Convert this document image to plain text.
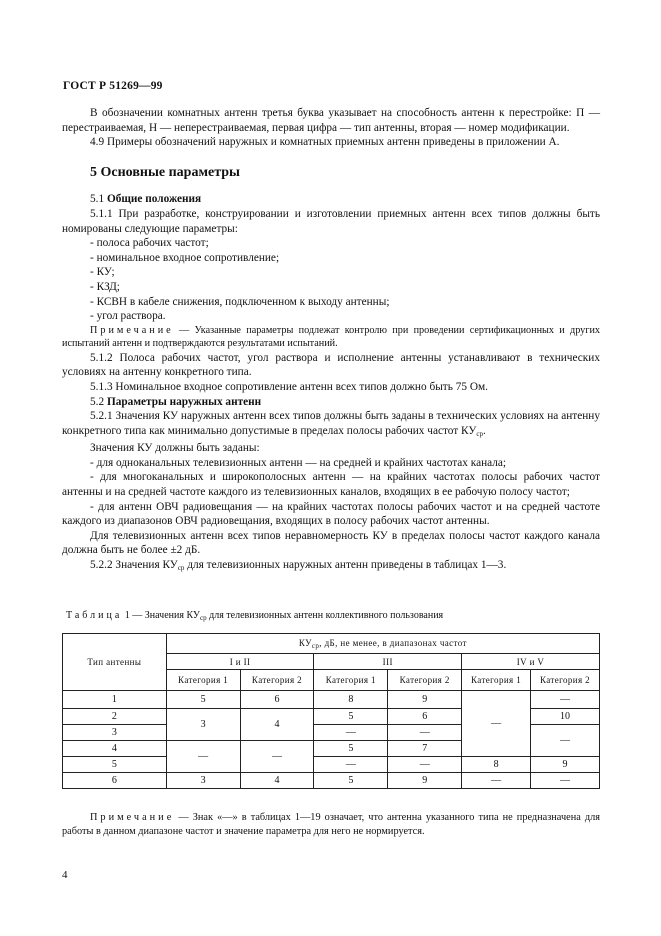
ГОСТ Р 51269—99

В обозначении комнатных антенн третья буква указывает на способность антенн к перестройке: П — перестраиваемая, Н — неперестраиваемая, первая цифра — тип антенны, вторая — номер модификации.

4.9 Примеры обозначений наружных и комнатных приемных антенн приведены в приложении А.

5 Основные параметры

5.1 Общие положения

5.1.1 При разработке, конструировании и изготовлении приемных антенн всех типов должны быть номированы следующие параметры:

- полоса рабочих частот;

- номинальное входное сопротивление;

- КУ;

- КЗД;

- КСВН в кабеле снижения, подключенном к выходу антенны;

- угол раствора.

Примечание — Указанные параметры подлежат контролю при проведении сертификационных и других испытаний антенн и подтверждаются результатами испытаний.

5.1.2 Полоса рабочих частот, угол раствора и исполнение антенны устанавливают в технических условиях на антенну конкретного типа.

5.1.3 Номинальное входное сопротивление антенн всех типов должно быть 75 Ом.

5.2 Параметры наружных антенн

5.2.1 Значения КУ наружных антенн всех типов должны быть заданы в технических условиях на антенну конкретного типа как минимально допустимые в пределах полосы рабочих частот $КУ_{ср}$.

Значения КУ должны быть заданы:

- для одноканальных телевизионных антенн — на средней и крайних частотах канала;

- для многоканальных и широкополосных антенн — на крайних частотах полосы рабочих частот антенны и на средней частоте каждого из телевизионных каналов, входящих в ее рабочую полосу частот;

- для антенн ОВЧ радиовещания — на крайних частотах полосы рабочих частот и на средней частоте каждого из диапазонов ОВЧ радиовещания, входящих в полосу рабочих частот антенны.

Для телевизионных антенн всех типов неравномерность КУ в пределах полосы частот каждого канала должна быть не более ±2 дБ.

5.2.2 Значения $КУ_{ср}$ для телевизионных наружных антенн приведены в таблицах 1—3.

Таблица 1 — Значения $КУ_{ср}$ для телевизионных антенн коллективного пользования
Тип антенны	$КУ_{ср}$, дБ, не менее, в диапазонах частот					
	I и II		III		IV и V	
	Категория 1	Категория 2	Категория 1	Категория 2	Категория 1	Категория 2
1	5	6	8	9	—	—
2	3	4	5	6		10
3			—	—		—
4	—	—	5	7		
5			—	—	8	9
6	3	4	5	9	—	—

Примечание — Знак «—» в таблицах 1—19 означает, что антенна указанного типа не предназначена для работы в данном диапазоне частот и значение параметра для него не нормируется.

4
